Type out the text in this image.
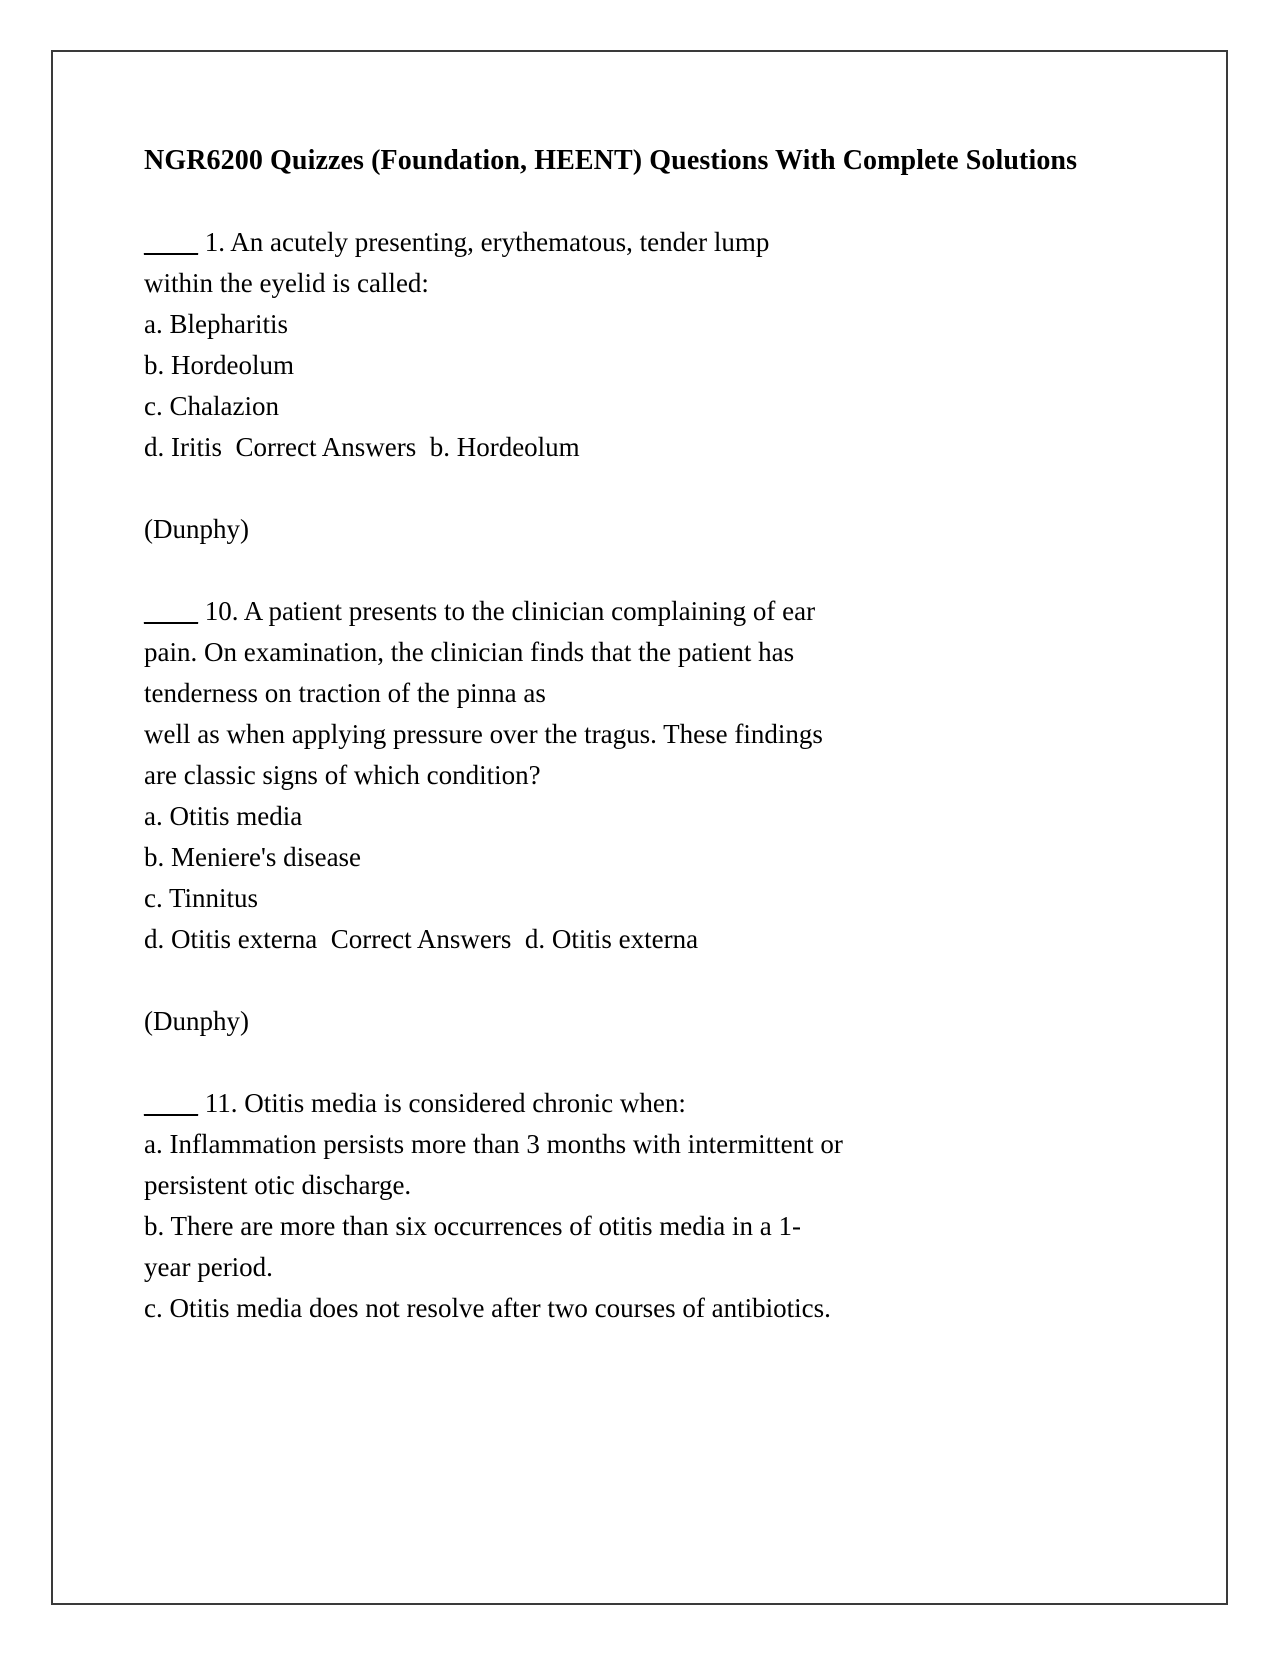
NGR6200 Quizzes (Foundation, HEENT) Questions With Complete Solutions

____ 1. An acutely presenting, erythematous, tender lump

within the eyelid is called:

a. Blepharitis

b. Hordeolum

c. Chalazion

d. Iritis  Correct Answers  b. Hordeolum

(Dunphy)

____ 10. A patient presents to the clinician complaining of ear

pain. On examination, the clinician finds that the patient has

tenderness on traction of the pinna as

well as when applying pressure over the tragus. These findings

are classic signs of which condition?

a. Otitis media

b. Meniere's disease

c. Tinnitus

d. Otitis externa  Correct Answers  d. Otitis externa

(Dunphy)

____ 11. Otitis media is considered chronic when:

a. Inflammation persists more than 3 months with intermittent or

persistent otic discharge.

b. There are more than six occurrences of otitis media in a 1-

year period.

c. Otitis media does not resolve after two courses of antibiotics.
